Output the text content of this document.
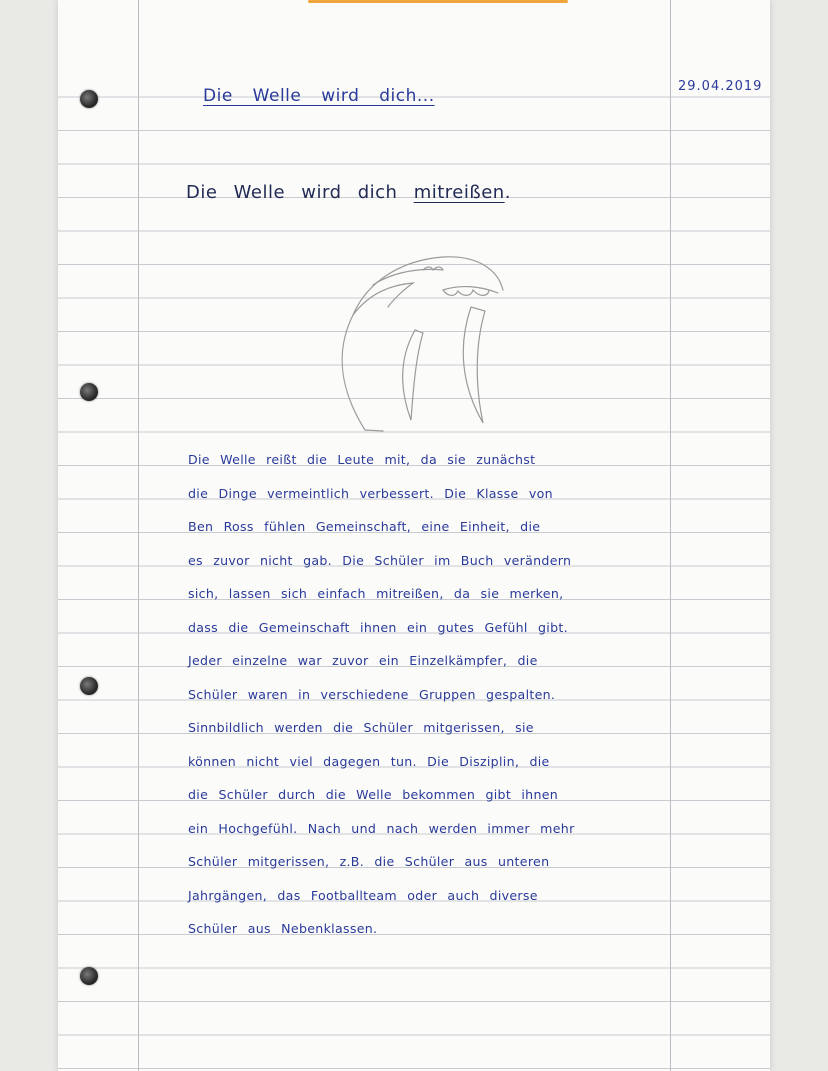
29.04.2019
Die Welle wird dich...
Die Welle wird dich mitreißen.
Die Welle reißt die Leute mit, da sie zunächst
die Dinge vermeintlich verbessert. Die Klasse von
Ben Ross fühlen Gemeinschaft, eine Einheit, die
es zuvor nicht gab. Die Schüler im Buch verändern
sich, lassen sich einfach mitreißen, da sie merken,
dass die Gemeinschaft ihnen ein gutes Gefühl gibt.
Jeder einzelne war zuvor ein Einzelkämpfer, die
Schüler waren in verschiedene Gruppen gespalten.
Sinnbildlich werden die Schüler mitgerissen, sie
können nicht viel dagegen tun. Die Disziplin, die
die Schüler durch die Welle bekommen gibt ihnen
ein Hochgefühl. Nach und nach werden immer mehr
Schüler mitgerissen, z.B. die Schüler aus unteren
Jahrgängen, das Footballteam oder auch diverse
Schüler aus Nebenklassen.
